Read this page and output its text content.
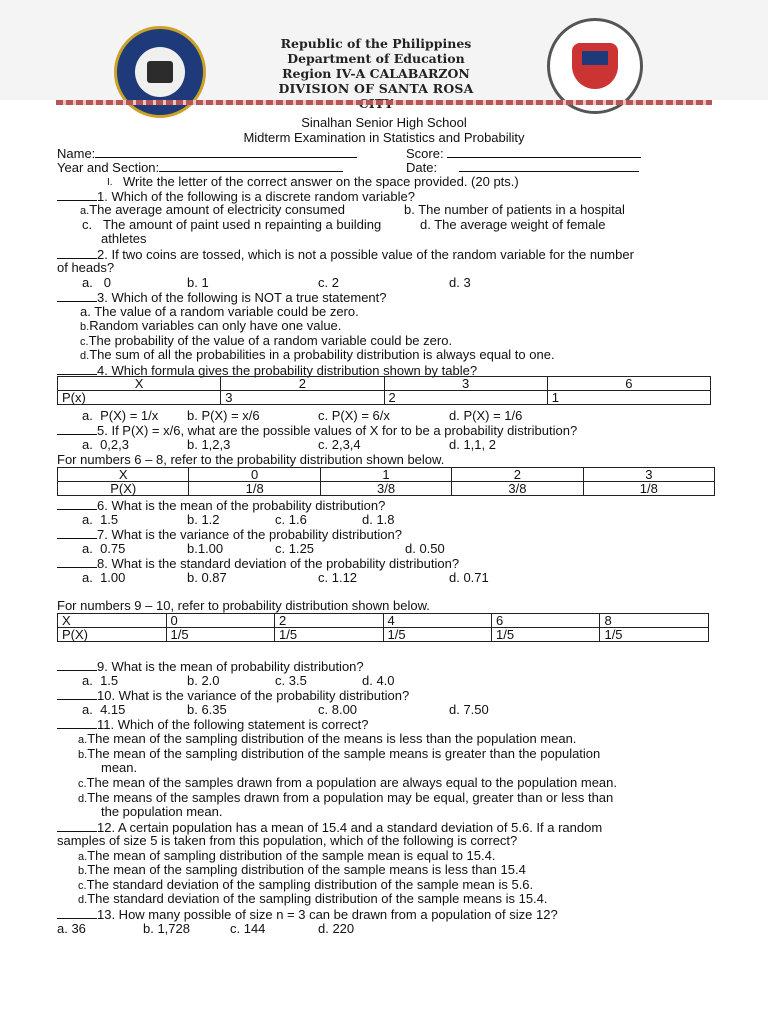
Republic of the Philippines
Department of Education
Region IV-A CALABARZON
DIVISION OF SANTA ROSA
Sinalhan Senior High School
Midterm Examination in Statistics and Probability
Name:	Score:
Year and Section:	Date:
I. Write the letter of the correct answer on the space provided. (20 pts.)
1. Which of the following is a discrete random variable?
a.The average amount of electricity consumed	b. The number of patients in a hospital
c. The amount of paint used n repainting a building	d. The average weight of female
athletes
2. If two coins are tossed, which is not a possible value of the random variable for the number
of heads?
a. 0	b. 1	c. 2	d. 3
3. Which of the following is NOT a true statement?
a. The value of a random variable could be zero.
b.Random variables can only have one value.
c.The probability of the value of a random variable could be zero.
d.The sum of all the probabilities in a probability distribution is always equal to one.
4. Which formula gives the probability distribution shown by table?
X	2	3	6
P(x)	3	2	1
a. P(X) = 1/x b. P(X) = x/6	c. P(X) = 6/x	d. P(X) = 1/6
5. If P(X) = x/6, what are the possible values of X for to be a probability distribution?
a. 0,2,3	b. 1,2,3	c. 2,3,4	d. 1,1, 2
For numbers 6 – 8, refer to the probability distribution shown below.
X	0	1	2	3
P(X)	1/8	3/8	3/8	1/8
6. What is the mean of the probability distribution?
a. 1.5	b. 1.2	c. 1.6	d. 1.8
7. What is the variance of the probability distribution?
a. 0.75	b.1.00	c. 1.25	d. 0.50
8. What is the standard deviation of the probability distribution?
a. 1.00	b. 0.87	c. 1.12	d. 0.71
For numbers 9 – 10, refer to probability distribution shown below.
X	0	2	4	6	8
P(X)	1/5	1/5	1/5	1/5	1/5
9. What is the mean of probability distribution?
a. 1.5	b. 2.0	c. 3.5	d. 4.0
10. What is the variance of the probability distribution?
a. 4.15	b. 6.35	c. 8.00	d. 7.50
11. Which of the following statement is correct?
a.The mean of the sampling distribution of the means is less than the population mean.
b.The mean of the sampling distribution of the sample means is greater than the population
mean.
c.The mean of the samples drawn from a population are always equal to the population mean.
d.The means of the samples drawn from a population may be equal, greater than or less than
the population mean.
12. A certain population has a mean of 15.4 and a standard deviation of 5.6. If a random
samples of size 5 is taken from this population, which of the following is correct?
a.The mean of sampling distribution of the sample mean is equal to 15.4.
b.The mean of the sampling distribution of the sample means is less than 15.4
c.The standard deviation of the sampling distribution of the sample mean is 5.6.
d.The standard deviation of the sampling distribution of the sample means is 15.4.
13. How many possible of size n = 3 can be drawn from a population of size 12?
a. 36	b. 1,728	c. 144	d. 220
